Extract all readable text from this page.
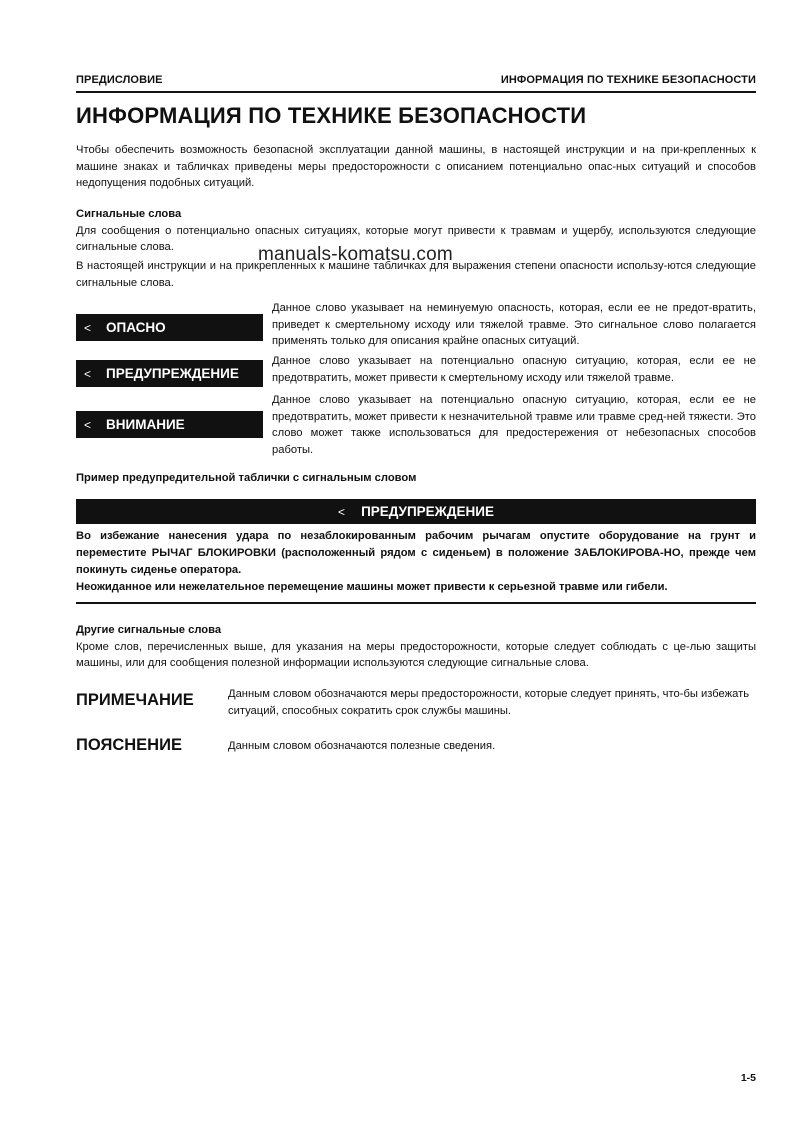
ПРЕДИСЛОВИЕ	ИНФОРМАЦИЯ ПО ТЕХНИКЕ БЕЗОПАСНОСТИ
ИНФОРМАЦИЯ ПО ТЕХНИКЕ БЕЗОПАСНОСТИ
Чтобы обеспечить возможность безопасной эксплуатации данной машины, в настоящей инструкции и на при-крепленных к машине знаках и табличках приведены меры предосторожности с описанием потенциально опас-ных ситуаций и способов недопущения подобных ситуаций.
Сигнальные слова
Для сообщения о потенциально опасных ситуациях, которые могут привести к травмам и ущербу, используются следующие сигнальные слова.
В настоящей инструкции и на прикрепленных к машине табличках для выражения степени опасности использу-ются следующие сигнальные слова.
manuals-komatsu.com
< ОПАСНО
Данное слово указывает на неминуемую опасность, которая, если ее не предот-вратить, приведет к смертельному исходу или тяжелой травме. Это сигнальное слово полагается применять только для описания крайне опасных ситуаций.
< ПРЕДУПРЕЖДЕНИЕ
Данное слово указывает на потенциально опасную ситуацию, которая, если ее не предотвратить, может привести к смертельному исходу или тяжелой травме.
< ВНИМАНИЕ
Данное слово указывает на потенциально опасную ситуацию, которая, если ее не предотвратить, может привести к незначительной травме или травме сред-ней тяжести. Это слово может также использоваться для предостережения от небезопасных способов работы.
Пример предупредительной таблички с сигнальным словом
< ПРЕДУПРЕЖДЕНИЕ
Во избежание нанесения удара по незаблокированным рабочим рычагам опустите оборудование на грунт и переместите РЫЧАГ БЛОКИРОВКИ (расположенный рядом с сиденьем) в положение ЗАБЛОКИРОВА-НО, прежде чем покинуть сиденье оператора.
Неожиданное или нежелательное перемещение машины может привести к серьезной травме или гибели.
Другие сигнальные слова
Кроме слов, перечисленных выше, для указания на меры предосторожности, которые следует соблюдать с це-лью защиты машины, или для сообщения полезной информации используются следующие сигнальные слова.
ПРИМЕЧАНИЕ	Данным словом обозначаются меры предосторожности, которые следует принять, что-бы избежать ситуаций, способных сократить срок службы машины.
ПОЯСНЕНИЕ	Данным словом обозначаются полезные сведения.
1-5
